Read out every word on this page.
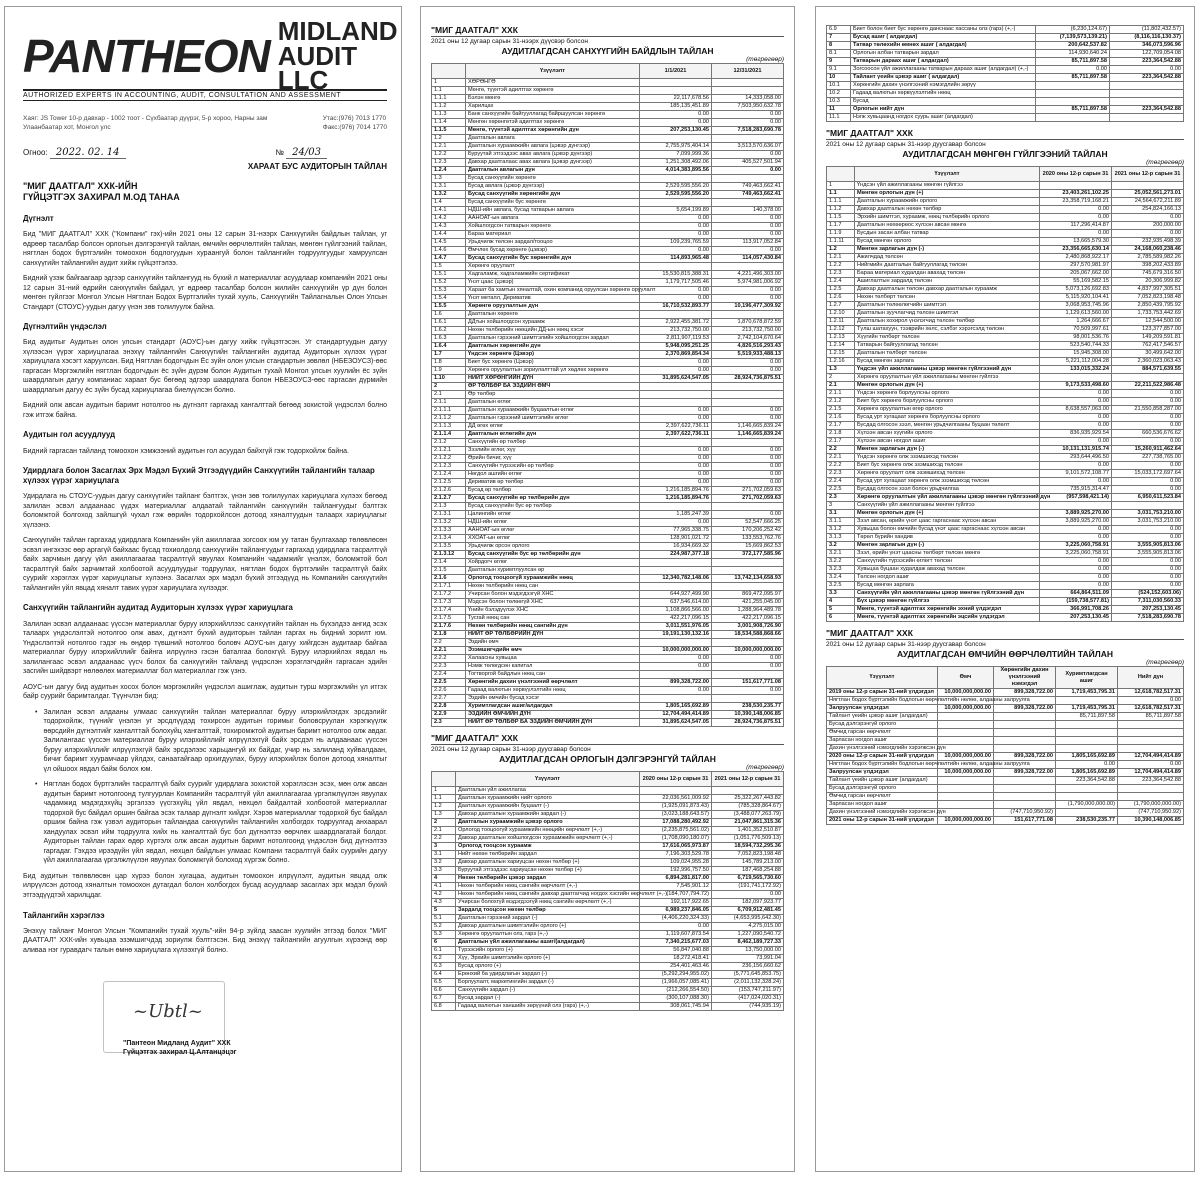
PANTHEON MIDLAND
AUDIT LLC
AUTHORIZED EXPERTS IN ACCOUNTING, AUDIT, CONSULTATION AND ASSESSMENT
Хаяг: JS Tower 10-р давхар - 1002 тоот - Сүхбаатар дүүрэг, 5-р хороо, Нарны зам
Улаанбаатар хот, Монгол улс
Утас:(976) 7013 1770
Факс:(976) 7014 1770
Огноо: 2022. 02. 14	№ 24/03
ХАРААТ БУС АУДИТОРЫН ТАЙЛАН
"МИГ ДААТГАЛ" ХХК-ИЙН
ГҮЙЦЭТГЭХ ЗАХИРАЛ М.ОД ТАНАА
Дүгнэлт
Бид "МИГ ДААТГАЛ" ХХК ("Компани" гэх)-ийн 2021 оны 12 сарын 31-нээрх Санхүүгийн байдлын тайлан, уг өдрөөр тасалбар болсон орлогын дэлгэрэнгүй тайлан, өмчийн өөрчлөлтийн тайлан, мөнгөн гүйлгээний тайлан, нягтлан бодох бүртгэлийн томоохон бодлогуудын хураангуй болон тайлангийн тодруулгуудыг хамруулсан санхүүгийн тайлангийн аудит хийж гүйцэтгэлээ.
Бидний үзэж байгаагаар эдгээр санхүүгийн тайлангууд нь бүхий л материаллаг асуудлаар компанийн 2021 оны 12 сарын 31-ний өдрийн санхүүгийн байдал, уг өдрөөр тасалбар болсон жилийн санхүүгийн үр дүн болон мөнгөн гүйлгээг Монгол Улсын Нягтлан Бодох Бүртгэлийн тухай хууль, Санхүүгийн Тайлагналын Олон Улсын Стандарт (СТОУС)-уудын дагуу үнэн зөв толилуулж байна.
Дүгнэлтийн үндэслэл
Бид аудитыг Аудитын олон улсын стандарт (АОУС)-ын дагуу хийж гүйцэтгэсэн. Уг стандартуудын дагуу хүлээсэн үүрэг хариуцлагаа энэхүү тайлангийн Санхүүгийн тайлангийн аудитад Аудиторын хүлээх үүрэг хариуцлага хэсэгт харуулсан. Бид Нягтлан бодогчдын Ёс зүйн олон улсын стандартын зөвлөл (НБЕЗОУСЗ)-өөс гаргасан Мэргэжлийн нягтлан бодогчдын ёс зүйн дүрэм болон Аудитын тухай Монгол улсын хуулийн ёс зүйн шаардлагын дагуу компаниас хараат бус бөгөөд эдгээр шаардлага болон НБЕЗОУСЗ-өөс гаргасан дүрмийн шаардлагын дагуу ёс зүйн бусад хариуцлагаа биелүүлсэн болно.
Бидний олж авсан аудитын баримт нотолгоо нь дүгнэлт гаргахад хангалттай бөгөөд зохистой үндэслэл болно гэж итгэж байна.
Аудитын гол асуудлууд
Бидний гаргасан тайланд томоохон хэмжээний аудитын гол асуудал байхгүй гэж тодорхойлж байна.
Удирдлага болон Засаглах Эрх Мэдэл Бүхий Этгээдүүдийн Санхүүгийн тайлангийн талаар хүлээх үүрэг хариуцлага
Удирдлага нь СТОУС-уудын дагуу санхүүгийн тайланг бэлтгэх, үнэн зөв толилуулах хариуцлага хүлээх бөгөөд залилан эсвэл алдаанаас үүдэх материаллаг алдаатай тайлангийн санхүүгийн тайлангуудыг бэлтгэх боломжтой болгоход зайлшгүй чухал гэж өөрийн тодорхойлсон дотоод хяналтуудын талаарх хариуцлагыг хүлээнэ.
Санхүүгийн тайлан гаргахад удирдлага Компанийн үйл ажиллагаа зогсоох юм уу татан буулгахаар төлөвлөсөн эсвэл ингэхээс өөр аргагүй байхаас бусад тохиолдолд санхүүгийн тайлангуудыг гаргахад удирдлага тасралтгүй байх зарчмын дагуу үйл ажиллагаагаа тасралтгүй явуулах Компанийн чадамжийг үнэлэх, боломжтой бол тасралтгүй байх зарчимтай холбоотой асуудлуудыг тодруулах, нягтлан бодох бүртгэлийн тасралтгүй байх суурийг хэрэглэх үүрэг хариуцлагыг хүлээнэ. Засаглах эрх мэдэл бүхий этгээдүүд нь Компанийн санхүүгийн тайлангийн үйл явцад хяналт тавих үүрэг хариуцлага хүлээдэг.
Санхүүгийн тайлангийн аудитад Аудиторын хүлээх үүрэг хариуцлага
Залилан эсвэл алдаанаас үүссэн материаллаг буруу илэрхийллээс санхүүгийн тайлан нь бүхэлдээ ангид эсэх талаарх үндэслэлтэй нотолгоо олж авах, дүгнэлт бүхий аудиторын тайлан гаргах нь бидний зорилт юм. Үндэслэлтэй нотолгоо гэдэг нь өндөр түвшний нотолгоо боловч АОУС-ын дагуу хийгдсэн аудитаар байгаа материаллаг буруу илэрхийллийг байнга илрүүлнэ гэсэн баталгаа болохгүй. Буруу илэрхийлэх явдал нь залилангаас эсвэл алдаанаас үүсч болох ба санхүүгийн тайланд үндэслэн хэрэглэгчдийн гаргасан эдийн засгийн шийдвэрт нөлөөлөх материаллаг бол материаллаг гэж үзнэ.
АОУС-ын дагуу бид аудитын хосох болон мэргэжлийн үндэслэл ашиглаж, аудитын турш мэргэжлийн үл итгэх байр суурийг баримталдаг. Түүнчлэн бид:
• Залилан эсвэл алдааны улмаас санхүүгийн тайлан материаллаг буруу илэрхийлэгдэх эрсдэлийг тодорхойлж, түүнийг үнэлэн уг эрсдлүүдэд тохирсон аудитын горимыг боловсруулан хэрэгжүүлж өөрсдийн дүгнэлтийг хангалттай болохуйц хангалттай, тохиромжтой аудитын баримт нотолгоо олж авдаг. Залилангаас үүссэн материаллаг буруу илэрхийллийг илрүүлэхгүй байх эрсдэл нь алдаанаас үүссэн буруу илэрхийллийг илрүүлэхгүй байх эрсдэлээс харьцангуй их байдаг, учир нь залиланд хуйвалдаан, бичиг баримт хуурамчаар үйлдэх, санаатайгаар орхигдуулах, буруу илэрхийлэх болон дотоод хяналтыг үл ойшоох явдал байж болох юм.
• Нягтлан бодох бүртгэлийн тасралтгүй байх суурийг удирдлага зохистой хэрэглэсэн эсэх, мөн олж авсан аудитын баримт нотолгоонд тулгуурлан Компанийн тасралтгүй үйл ажиллагаагаа үргэлжлүүлэн явуулах чадамжид мэдэгдэхүйц эргэлзээ үүсгэхүйц үйл явдал, нөхцөл байдалтай холбоотой материаллаг тодорхой бус байдал оршин байгаа эсэх талаар дүгнэлт хийдэг. Хэрэв материаллаг тодорхой бус байдал оршиж байна гэж үзвэл аудиторын тайландаа санхүүгийн тайлангийн холбогдох тодруулгад анхаарал хандуулах эсвэл ийм тодруулга хийх нь хангалттай бус бол дүгнэлтээ өөрчлөх шаардлагатай болдог. Аудиторын тайлан гарах өдөр хүртэлх олж авсан аудитын баримт нотолгоонд үндэслэн бид дүгнэлтээ гаргадаг. Гэхдээ ирээдүйн үйл явдал, нөхцөл байдлын улмаас Компани тасралтгүй байх суурийн дагуу үйл ажиллагаагаа үргэлжлүүлэн явуулах боломжгүй болоход хүргэж болно.
Бид аудитын төлөвлөсөн цар хүрээ болон хугацаа, аудитын томоохон илрүүлэлт, аудитын явцад олж илрүүлсэн дотоод хяналтын томоохон дутагдал болон холбогдох бусад асуудлаар засаглах эрх мэдэл бүхий этгээдүүдтэй харилцдаг.
Тайлангийн хэрэглээ
Энэхүү тайланг Монгол Улсын "Компанийн тухай хууль"-ийн 94-р зүйлд заасан хуулийн этгээд болох "МИГ ДААТГАЛ" ХХК-ийн хувьцаа эзэмшигчдэд зориулж бэлтгэсэн. Бид энэхүү тайлангийн агуулгын хүрээнд өөр аливаа нэг гуравдагч талын өмнө хариуцлага хүлээхгүй болно.
~Ubtl~
"Пантеон Мидланд Аудит" ХХК
Гүйцэтгэх захирал Ц.Алтанцэцэг
"МИГ ДААТГАЛ" ХХК
2021 оны 12 дугаар сарын 31-нээрх дүүсвэр болсон
АУДИТЛАГДСАН САНХҮҮГИЙН БАЙДЛЫН ТАЙЛАН
(төгрөгөөр)
	Үзүүлэлт	1/1/2021	12/31/2021
1	ХӨРӨНГӨ		
1.1	Мөнгө, түүнтэй адилтгах хөрөнгө		
1.1.1	Бэлэн мөнгө	22,117,678.56	14,333,058.00
1.1.2	Харилцах	185,135,451.89	7,503,950,632.78
1.1.3	Банк санхүүгийн байгууллагад байршуулсан хөрөнгө	0.00	0.00
1.1.4	Мөнгөн хөрөнгөтэй адилтгах хөрөнгө	0.00	0.00
1.1.5	Мөнгө, түүнтэй адилтгах хөрөнгийн дүн	207,253,130.45	7,518,283,690.78
1.2	Даатгалын авлага		
1.2.1	Даатгалын хураамжийн авлага (цэвэр дүнгээр)	2,755,975,404.14	3,513,570,636.07
1.2.2	Буруутай этгээдээс авах авлага (цэвэр дүнгээр)	7,099,999.36	0.00
1.2.3	Давхар даатгалаас авах авлага (цэвэр дүнгээр)	1,251,308,492.06	405,527,501.94
1.2.4	Даатгалын авлагын дүн	4,014,383,895.56	0.00
1.3	Бусад санхүүгийн хөрөнгө		
1.3.1	Бусад авлага (цэвэр дүнгээр)	2,529,595,556.20	749,463,662.41
1.3.2	Бусад санхүүгийн хөрөнгийн дүн	2,529,595,556.20	749,463,662.41
1.4	Бусад санхүүгийн бус хөрөнгө		
1.4.1	НДШ-ийн авлага, бусад татварын авлага	5,654,199.89	140,378.00
1.4.2	ААНОАТ-ын авлага	0.00	0.00
1.4.3	Хойшлогдсон татварын хөрөнгө	0.00	0.00
1.4.4	Бараа материал	0.00	0.00
1.4.5	Урьдчилж төлсөн зардал/тооцоо	109,239,765.59	113,917,052.84
1.4.6	Өмчлөх бусад хөрөнгө (цэвэр)	0.00	0.00
1.4.7	Бусад санхүүгийн бус хөрөнгийн дүн	114,893,965.48	114,057,430.84
1.5	Хөрөнгө оруулалт		
1.5.1	Хадгаламж, хадгаламжийн сертификат	15,530,815,388.31	4,221,496,303.00
1.5.2	Үнэт цаас (цэвэр)	1,179,717,505.46	5,974,981,006.92
1.5.3	Хараат ба хамтын хяналтай, охин компанид оруулсан хөрөнгө оруулалт	0.00	0.00
1.5.4	Үнэт металл, Дериватив	0.00	0.00
1.5.5	Хөрөнгө оруулалтын дүн	16,710,532,893.77	10,196,477,309.92
1.6	Даатгалын хөрөнгө		
1.6.1	ДДтын хойшлогдсон хураамж	2,922,455,381.72	1,870,678,872.59
1.6.2	Нөхөн төлбөрийн нөөцийн ДД-ын нөөц хэсэг	213,732,750.00	213,732,750.00
1.6.3	Даатгалын гэрээний шимтгэлийн хойшлогдсон зардал	2,811,907,119.53	2,742,104,670.64
1.6.4	Даатгалын хөрөнгийн дүн	5,948,095,251.25	4,826,516,293.43
1.7	Үндсэн хөрөнгө (Цэвэр)	2,370,869,854.34	5,519,933,488.13
1.8	Биет бус хөрөнгө (Цэвэр)	0.00	0.00
1.9	Хөрөнгө оруулалтын зориулалттай үл хөдлөх хөрөнгө	0.00	0.00
1.10	НИЙТ ХӨРӨНГИЙН ДҮН	31,895,624,547.05	28,924,736,875.51
2	ӨР ТӨЛБӨР БА ЭЗДИЙН ӨМЧ		
2.1	Өр төлбөр		
2.1.1	Даатгалын өглөг		
2.1.1.1	Даатгалын хураамжийн буцаалтын өглөг	0.00	0.00
2.1.1.2	Даатгалын гэрээний шимтгэлийн өглөг	0.00	0.00
2.1.1.3	ДД өгөх өглөг	2,397,622,736.11	1,146,665,839.24
2.1.1.4	Даатгалын өглөгийн дүн	2,397,622,736.11	1,146,665,839.24
2.1.2	Санхүүгийн өр төлбөр		
2.1.2.1	Зээлийн өглөг, хүү	0.00	0.00
2.1.2.2	Өрийн бичиг, хүү	0.00	0.00
2.1.2.3	Санхүүгийн түрээсийн өр төлбөр	0.00	0.00
2.1.2.4	Нөгдол ашгийн өглөг	0.00	0.00
2.1.2.5	Дериватив өр төлбөр	0.00	0.00
2.1.2.6	Бусад өр төлбөр	1,216,185,894.76	271,702,059.63
2.1.2.7	Бусад санхүүгийн өр төлбөрийн дүн	1,216,185,894.76	271,702,059.63
2.1.3	Бусад санхүүгийн бус өр төлбөр		
2.1.3.1	Цалингийн өглөг	1,185,247.39	0.00
2.1.3.2	НДШ-ийн өглөг	0.00	52,547,666.25
2.1.3.3	ААНОАТ-ын өглөг	77,965,338.75	170,206,252.42
2.1.3.4	ХХОАТ-ын өглөг	128,901,021.72	133,553,762.76
2.1.3.5	Урьдчилж орсон орлого	16,934,669.32	15,669,862.53
2.1.3.12	Бусад санхүүгийн бус өр төлбөрийн дүн	224,987,377.18	372,177,585.96
2.1.4	Хойрдогч өглөг		
2.1.5	Даатгалын хуримтлуулсан өр		
2.1.6	Орлогод тооцоогүй хураамжийн нөөц	12,340,782,148.06	13,742,134,658.93
2.1.7.1	Нөхөн төлбөрийн нөөц сан		
2.1.7.2	Учирсан болон мэдэгдээгүй ХНС	644,927,499.90	869,472,095.97
2.1.7.3	Мэдсэн болон төлөөгүй ХНС	637,546,614.00	421,255,045.00
2.1.7.4	Үнийн бэлэдүүлэх ХНС	1,108,866,566.00	1,288,964,489.78
2.1.7.5	Тусгай нөөц сан	422,217,096.15	422,217,096.15
2.1.7.6	Нөхөн төлбөрийн нөөц сангийн дүн	3,011,551,976.05	3,001,908,726.90
2.1.8	НИЙТ ӨР ТӨЛБӨРИЙН ДҮН	19,191,130,132.16	18,534,588,868.66
2.2	Эздийн өмч		
2.2.1	Эзэмшигчдийн өмч	10,000,000,000.00	10,000,000,000.00
2.2.2	Халаасны хувьцаа	0.00	0.00
2.2.3	Нэмж төлөгдсөн капитал	0.00	0.00
2.2.4	Тогтворгой байдлын нөөц сан		
2.2.5	Хөрөнгийн дахин үнэлгээний өөрчлөлт	899,328,722.00	151,617,771.08
2.2.6	Гадаад валютын хөрвүүлэлтийн нөөц	0.00	0.00
2.2.7	Эздийн өмчийн бусад хэсэг		
2.2.8	Хуримтлагдсан ашиг/алдагдал	1,805,165,692.89	238,530,235.77
2.2.9	ЭЗДИЙН ӨМЧИЙН ДҮН	12,704,494,414.89	10,390,148,006.85
2.3	НИЙТ ӨР ТӨЛБӨР БА ЭЗДИЙН ӨМЧИЙН ДҮН	31,895,624,547.05	28,924,736,875.51
"МИГ ДААТГАЛ" ХХК
2021 оны 12 дугаар сарын 31-нээр дуусгавар болсон
АУДИТЛАГДСАН ОРЛОГЫН ДЭЛГЭРЭНГҮЙ ТАЙЛАН
(төгрөгөөр)
	Үзүүлэлт	2020 оны 12-р сарын 31	2021 оны 12-р сарын 31
1	Даатгалын үйл ажиллагаа		
1.1	Даатгалын хураамжийн нийт орлого	22,036,561,009.92	25,322,267,443.82
1.2	Даатгалын хураамжийн буцаалт (-)	(1,925,091,873.43)	(785,328,864.67)
1.3	Давхар даатгалын хураамжийн зардал (-)	(3,023,188,643.57)	(3,488,077,263.79)
2	Даатгалын хураамжийн цэвэр орлого	17,088,280,492.92	21,047,861,315.36
2.1	Орлогод тооцоогүй хураамжийн нөөцийн өөрчлөлт (+,-)	(2,235,875,561.02)	1,401,352,510.87
2.2	Давхар даатгалын хойшлогдсон хураамжийн өөрчлөлт (+,-)	(1,708,090,180.07)	(1,051,776,509.13)
3	Орлогод тооцсон хураамж	17,616,065,973.87	18,594,732,295.36
3.1	Нийт нөхөн төлбөрийн зардал	7,196,303,529.78	7,052,823,198.48
3.2	Давхар даатгалын хариуцсан нөхөн төлбөр (+)	109,024,955.28	145,789,213.00
3.3	Буруутай этгээдээс хариуцсан нөхөн төлбөр (+)	192,996,757.50	187,468,254.88
4	Нөхөн төлбөрийн цэвэр зардал	6,894,281,817.00	6,719,565,730.60
4.1	Нөхөн төлбөрийн нөөц сангийн өөрчлөлт (+,-)	7,545,901.12	(191,741,172.92)
4.2	Нөхөн төлбөрийн нөөц сангийн давхар даатгагчид ногдох хэсгийн өөрчлөлт (+,-)	(184,707,794.72)	0.00
4.3	Учирсан болохгүй мэдэгдээгүй нөөц сангийн өөрчлөлт (+,-)	192,117,922.65	182,097,923.77
5	Зардалд тооцсон нөхөн төлбөр	6,989,237,846.05	6,709,912,481.45
5.1	Даатгалын гэрээний зардал (-)	(4,406,220,324.33)	(4,653,995,642.30)
5.2	Давхар даатгалын шимтгэлийн орлого (+)	0.00	4,275,015.00
5.3	Хөрөнгө оруулалтын олз, гарз (+,-)	1,119,607,873.54	1,227,090,540.72
6	Даатгалын үйл ажиллагааны ашиг/(алдагдал)	7,340,215,677.03	8,462,189,727.33
6.1	Түрээсийн орлого (+)	56,847,040.88	13,750,000.00
6.2	Хүү, Эрхийн шимтгэлийн орлого (+)	18,272,418.41	73,991.04
6.3	Бусад орлого (+)	254,401,463.46	236,156,660.62
6.4	Ерөнхий ба удирдлагын зардал (-)	(5,292,294,955.02)	(5,771,645,853.75)
6.5	Борлуулалт, маркетингийн зардал (-)	(1,966,057,085.41)	(2,011,132,328.24)
6.6	Санхүүгийн зардал (-)	(212,266,554.50)	(153,747,211.97)
6.7	Бусад зардал (-)	(300,107,088.30)	(417,024,020.31)
6.8	Гадаад валютын ханшийн зөрүүний олз (гарз) (+,-)	308,061,745.94	(744,935.19)
6.9	Биет болон биет бус хөрөнгө данснаас хассаны олз (гарз) (+,-)	(6,230,124.67)	(11,802,432.57)
7	Бусад ашиг ( алдагдал)	(7,139,573,139.21)	(8,116,116,130.37)
8	Татвар төлөхийн өмнөх ашиг ( алдагдал)	200,642,537.82	346,073,596.96
8.1	Орлогын албан татварын зардал	114,930,640.24	122,709,054.08
9	Татварын дараах ашиг ( алдагдал)	85,711,897.58	223,364,542.88
9.1	Зогсоосон үйл ажиллагааны татварын дараах ашиг (алдагдал) (+,-)	0.00	0.00
10	Тайлант үеийн цэвэр ашиг ( алдагдал)	85,711,897.58	223,364,542.88
10.1	Хөрөнгийн дахин үнэлгээний нэмэгдлийн зөрүү		
10.2	Гадаад валютын хөрвүүлэлтийн нөөц		
10.3	Бусад		
11	Орлогын нийт дүн	85,711,897.58	223,364,542.88
11.1	Нэгж хувьцаанд ногдох суурь ашиг (алдагдал)		
"МИГ ДААТГАЛ" ХХК
2021 оны 12 дугаар сарын 31-нээр дуусгавар болсон
АУДИТЛАГДСАН МӨНГӨН ГҮЙЛГЭЭНИЙ ТАЙЛАН
(төгрөгөөр)
	Үзүүлэлт	2020 оны 12-р сарын 31	2021 оны 12-р сарын 31
1	Үндсэн үйл ажиллагааны мөнгөн гүйлгээ		
1.1	Мөнгөн орлогын дүн (+)	23,403,261,102.25	25,052,561,273.01
1.1.1	Даатгалын хураамжийн орлого	23,358,719,168.21	24,564,672,211.89
1.1.2	Давхар даатгалын нөхөн төлбөр	0.00	254,824,166.13
1.1.5	Эрхийн шимтгэл, хураамж, нөөц төлбөрийн орлого	0.00	0.00
1.1.7	Даатгалын нөхөөрөос хүлээн авсан мөнгө	117,296,414.87	200,000.00
1.1.9	Бусдын засан албан татвар	0.00	0.00
1.1.11	Бусад мөнгөн орлого	13,665,579.30	232,935,498.39
1.2	Мөнгөн зарлагын дүн (-)	23,356,665,630.14	24,168,060,238.46
1.2.1	Ажилчдад төлсөн	2,480,868,922.17	2,785,589,982.26
1.2.2	Нийгмийн даатгалын байгууллагад төлсөн	297,570,981.97	398,202,433.89
1.2.3	Бараа материал худалдан авахад төлсөн	205,067,662.00	745,679,316.50
1.2.4	Ашиглалтын зардалд төлсөн	55,169,582.15	20,306,999.82
1.2.5	Давхар даатгалын төлсөн давхар даатгалын хураамж	5,073,126,692.83	4,837,997,305.51
1.2.6	Нөхөн төлбөрт төлсөн	5,115,920,104.41	7,052,823,198.48
1.2.7	Даатгалын төлөөлөгчийн шимтгэл	3,068,953,745.96	2,850,439,795.92
1.2.10	Даатгалын зуучлагчид төлсөн шимтгэл	1,129,613,560.00	1,733,753,442.69
1.2.11	Даатгалын хохирол үнэлэгчид төлсөн төлбөр	1,264,666.67	12,544,500.00
1.2.12	Түлш шатахуун, тээврийн хөлс, сэлбэг хэрэгсэлд төлсөн	70,509,997.61	123,377,857.00
1.2.13	Хүүгийн төлбөрт төлсөн	98,001,536.76	149,209,591.81
1.2.14	Татварын байгууллагад төлсөн	523,540,744.33	762,417,546.57
1.2.15	Даатгалын төлбөрт төлсөн	15,945,308.00	30,499,642.00
1.2.16	Бусад мөнгөн зарлага	5,221,112,004.28	2,360,023,063.43
1.3	Үндсэн үйл ажиллагааны цэвэр мөнгөн гүйлгээний дүн	133,015,332.24	884,571,639.55
2	Хөрөнгө оруулалтын үйл ажиллагааны мөнгөн гүйлгээ		
2.1	Мөнгөн орлогын дүн (+)	9,173,533,498.60	22,211,522,986.48
2.1.1	Үндсэн хөрөнгө борлуулсны орлого	0.00	0.00
2.1.2	Биет бус хөрөнгө борлуулсны орлого	0.00	0.00
2.1.5	Хөрөнгө оруулалтын өгөр орлого	8,638,557,063.00	21,550,858,287.00
2.1.6	Бусад урт хугацаат хөрөнгө борлуулсны орлого	0.00	0.00
2.1.7	Бусдад олгосон зээл, мөнгөн урьдчилгааны буцаан төлөлт	0.00	0.00
2.1.8	Хүлээн авсан хүүгийн орлого	836,935,929.54	660,536,676.62
2.1.7	Хүлээн авсан ногдол ашиг	0.00	0.00
2.2	Мөнгөн зарлагын дүн (-)	10,131,131,915.74	15,260,911,462.64
2.2.1	Үндсэн хөрөнгө олж эзэмшихэд төлсөн	293,644,496.50	227,738,765.00
2.2.2	Биет бус хөрөнгө олж эзэмшихэд төлсөн	0.00	0.00
2.2.3	Хөрөнгө оруулалт олж эзэмшихэд төлсөн	9,101,572,108.77	15,033,172,697.64
2.2.4	Бусад урт хугацаат хөрөнгө олж эзэмшихэд төлсөн	0.00	0.00
2.2.5	Бусдад олгосон зээл болон урьдчилгаа	735,915,314.47	0.00
2.3	Хөрөнгө оруулалтын үйл ажиллагааны цэвэр мөнгөн гүйлгээний дүн	(957,598,421.14)	6,950,611,523.84
3	Санхүүгийн үйл ажиллагааны мөнгөн гүйлгээ		
3.1	Мөнгөн орлогын дүн (+)	3,889,925,270.00	3,031,753,210.00
3.1.1	Зээл авсан, өрийн үнэт цаас гаргаснаас хүлээн авсан	3,889,925,270.00	3,031,753,210.00
3.1.2	Хувьцаа болон өмчийн бусад үнэт цаас гаргаснаас хүлээн авсан	0.00	0.00
3.1.3	Төрөл бүрийн хандив	0.00	0.00
3.2	Мөнгөн зарлагын дүн (-)	3,225,060,758.91	3,555,905,813.06
3.2.1	Зээл, өрийн үнэт цаасны төлбөрт төлсөн мөнгө	3,225,060,758.91	3,555,905,813.06
3.2.2	Санхүүгийн түрээсийн өглөгт төлсөн	0.00	0.00
3.2.3	Хувьцаа буцаан худалдаж авахад төлсөн	0.00	0.00
3.2.4	Төлсөн ногдол ашиг	0.00	0.00
3.2.5	Бусад мөнгөн зарлага	0.00	0.00
3.3	Санхүүгийн үйл ажиллагааны цэвэр мөнгөн гүйлгээний дүн	664,864,511.09	(524,152,603.06)
4	Бүх цэвэр мөнгөн гүйлгээ	(159,738,577.81)	7,311,030,560.33
5	Мөнгө, түүнтэй адилтгах хөрөнгийн эхний үлдэгдэл	366,991,708.26	207,253,130.45
6	Мөнгө, түүнтэй адилтгах хөрөнгийн эцсийн үлдэгдэл	207,253,130.45	7,518,283,690.78
"МИГ ДААТГАЛ" ХХК
2021 оны 12 дугаар сарын 31-нээр дуусгавар болсон
АУДИТЛАГДСАН ӨМЧИЙН ӨӨРЧЛӨЛТИЙН ТАЙЛАН
(төгрөгөөр)
Үзүүлэлт	Өмч	Хөрөнгийн дахин үнэлгээний нэмэгдэл	Хуримтлагдсан ашиг	Нийт дүн
2019 оны 12-р сарын 31-ний үлдэгдэл	10,000,000,000.00	899,328,722.00	1,719,453,795.31	12,618,782,517.31
Нягтлан бодох бүртгэлийн бодлогын өөрчлөлтийн нөлөө, алдааны залруулга				0.00
Залруулсан үлдэгдэл	10,000,000,000.00	899,328,722.00	1,719,453,795.31	12,618,782,517.31
Тайлант үеийн цэвэр ашиг (алдагдал)			85,711,897.58	85,711,897.58
Бусад дэлгэрэнгүй орлого				
Өмчид гарсан өөрчлөлт				
Зарласан ногдол ашиг				
Дахин үнэлгээний нэмэгдлийн хэрэгжсэн дүн				
2020 оны 12-р сарын 31-ний үлдэгдэл	10,000,000,000.00	899,328,722.00	1,805,165,692.89	12,704,494,414.89
Нягтлан бодох бүртгэлийн бодлогын өөрчлөлтийн нөлөө, алдааны залруулга			0.00	0.00
Залруулсан үлдэгдэл	10,000,000,000.00	899,328,722.00	1,805,165,692.89	12,704,494,414.89
Тайлант үеийн цэвэр ашиг (алдагдал)			223,364,542.88	223,364,542.88
Бусад дэлгэрэнгүй орлого				
Өмчид гарсан өөрчлөлт				
Зарласан ногдол ашиг			(1,790,000,000.00)	(1,790,000,000.00)
Дахин үнэлгээний нэмэгдлийн хэрэгжсэн дүн		(747,710,950.92)		(747,710,950.92)
2021 оны 12-р сарын 31-ний үлдэгдэл	10,000,000,000.00	151,617,771.08	238,530,235.77	10,390,148,006.85
